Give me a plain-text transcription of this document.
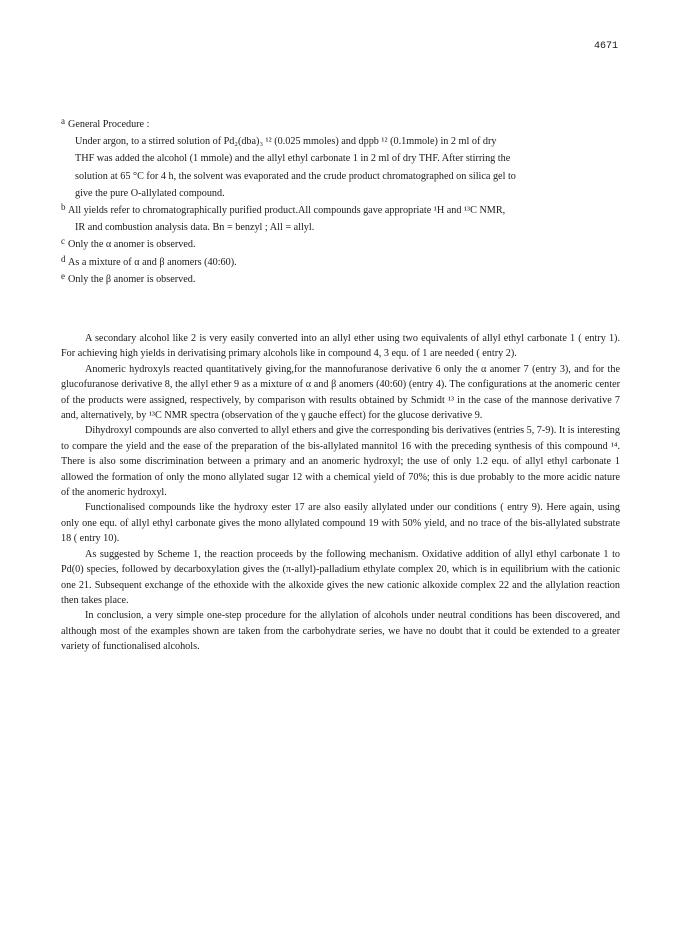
4671
a General Procedure :
Under argon, to a stirred solution of Pd₂(dba)₃ ¹² (0.025 mmoles) and dppb ¹² (0.1mmole) in 2 ml of dry
THF was added the alcohol (1 mmole) and the allyl ethyl carbonate 1 in 2 ml of dry THF. After stirring the
solution at 65 °C for 4 h, the solvent was evaporated and the crude product chromatographed on silica gel to
give the pure O-allylated compound.
b All yields refer to chromatographically purified product.All compounds gave appropriate ¹H and ¹³C NMR,
IR and combustion analysis data. Bn = benzyl ; All = allyl.
c Only the α anomer is observed.
d As a mixture of α and β anomers (40:60).
e Only the β anomer is observed.

A secondary alcohol like 2 is very easily converted into an allyl ether using two equivalents of allyl ethyl carbonate 1 ( entry 1). For achieving high yields in derivatising primary alcohols like in compound 4, 3 equ. of 1 are needed ( entry 2).

Anomeric hydroxyls reacted quantitatively giving,for the mannofuranose derivative 6 only the α anomer 7 (entry 3), and for the glucofuranose derivative 8, the allyl ether 9 as a mixture of α and β anomers (40:60) (entry 4). The configurations at the anomeric center of the products were assigned, respectively, by comparison with results obtained by Schmidt ¹³ in the case of the mannose derivative 7 and, alternatively, by ¹³C NMR spectra (observation of the γ gauche effect) for the glucose derivative 9.

Dihydroxyl compounds are also converted to allyl ethers and give the corresponding bis derivatives (entries 5, 7-9). It is interesting to compare the yield and the ease of the preparation of the bis-allylated mannitol 16 with the preceding synthesis of this compound ¹⁴. There is also some discrimination between a primary and an anomeric hydroxyl; the use of only 1.2 equ. of allyl ethyl carbonate 1 allowed the formation of only the mono allylated sugar 12 with a chemical yield of 70%; this is due probably to the more acidic nature of the anomeric hydroxyl.

Functionalised compounds like the hydroxy ester 17 are also easily allylated under our conditions ( entry 9). Here again, using only one equ. of allyl ethyl carbonate gives the mono allylated compound 19 with 50% yield, and no trace of the bis-allylated substrate 18 ( entry 10).

As suggested by Scheme 1, the reaction proceeds by the following mechanism. Oxidative addition of allyl ethyl carbonate 1 to Pd(0) species, followed by decarboxylation gives the (π-allyl)-palladium ethylate complex 20, which is in equilibrium with the cationic one 21. Subsequent exchange of the ethoxide with the alkoxide gives the new cationic alkoxide complex 22 and the allylation reaction then takes place.

In conclusion, a very simple one-step procedure for the allylation of alcohols under neutral conditions has been discovered, and although most of the examples shown are taken from the carbohydrate series, we have no doubt that it could be extended to a greater variety of functionalised alcohols.
